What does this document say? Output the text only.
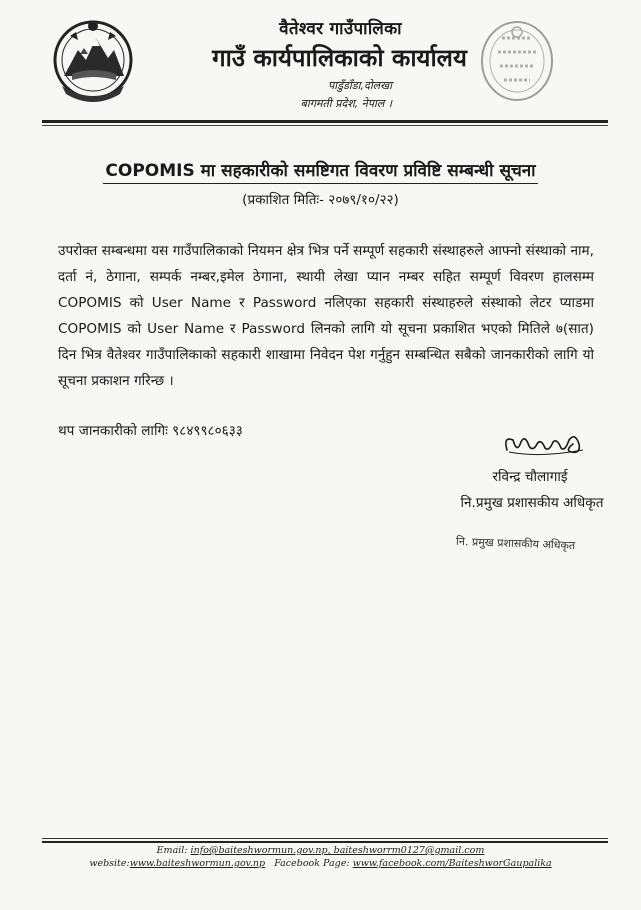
वैतेश्वर गाउँपालिका
गाउँ कार्यपालिकाको कार्यालय
पाडुँडाँडा,दोलखा
बागमती प्रदेश, नेपाल ।
COPOMIS मा सहकारीको समष्टिगत विवरण प्रविष्टि सम्बन्धी सूचना
(प्रकाशित मितिः- २०७९/१०/२२)
उपरोक्त सम्बन्धमा यस गाउँपालिकाको नियमन क्षेत्र भित्र पर्ने सम्पूर्ण सहकारी संस्थाहरुले आफ्नो संस्थाको नाम, दर्ता नं, ठेगाना, सम्पर्क नम्बर,इमेल ठेगाना, स्थायी लेखा प्यान नम्बर सहित सम्पूर्ण विवरण हालसम्म COPOMIS को User Name र Password नलिएका सहकारी संस्थाहरुले संस्थाको लेटर प्याडमा COPOMIS को User Name र Password लिनको लागि यो सूचना प्रकाशित भएको मितिले ७(सात) दिन भित्र वैतेश्वर गाउँपालिकाको सहकारी शाखामा निवेदन पेश गर्नुहुन सम्बन्धित सबैको जानकारीको लागि यो सूचना प्रकाशन गरिन्छ ।
थप जानकारीको लागिः ९८४९९८०६३३
रविन्द्र चौलागाई
नि.प्रमुख प्रशासकीय अधिकृत
नि. प्रमुख प्रशासकीय अधिकृत
Email: info@baiteshwormun.gov.np, baiteshworrm0127@gmail.com
website:www.baiteshwormun.gov.np Facebook Page: www.facebook.com/BaiteshworGaupalika
